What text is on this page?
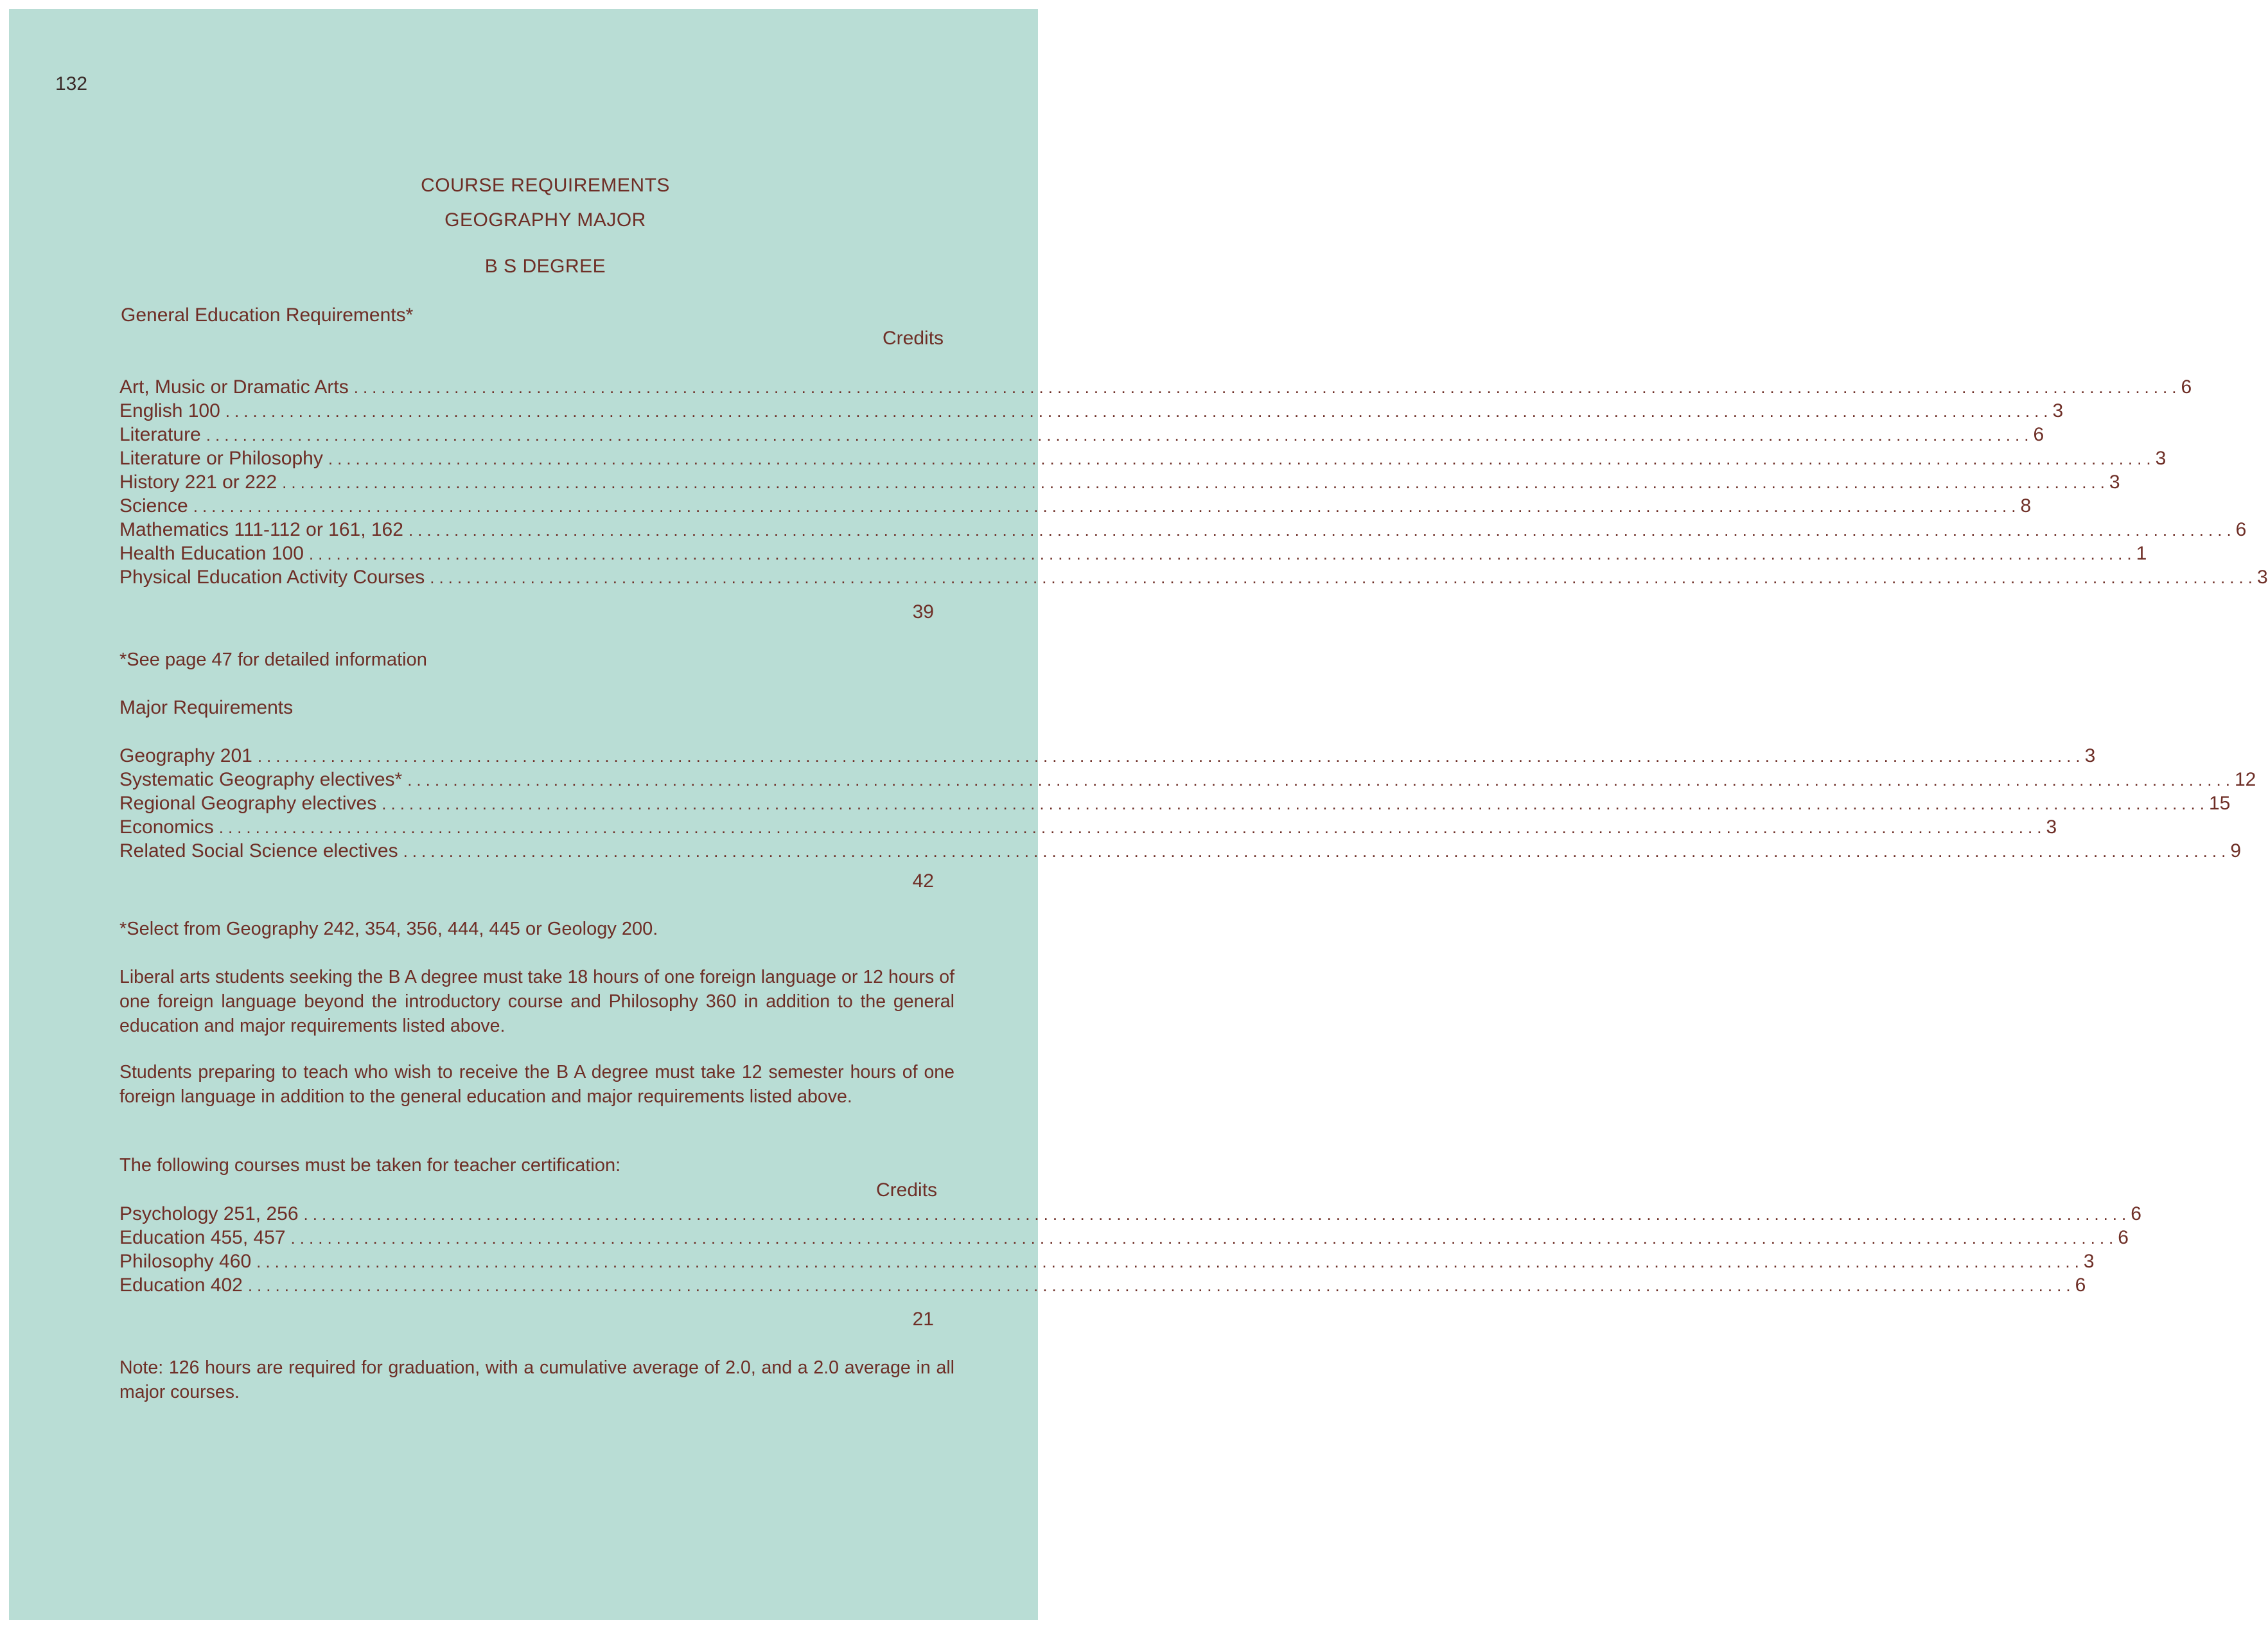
132
COURSE REQUIREMENTS
GEOGRAPHY MAJOR
B S DEGREE
General Education Requirements*
Credits
Art, Music or Dramatic Arts ........................................................................................................................................................................................................ 6
English 100 ........................................................................................................................................................................................................ 3
Literature ........................................................................................................................................................................................................ 6
Literature or Philosophy ........................................................................................................................................................................................................ 3
History 221 or 222 ........................................................................................................................................................................................................ 3
Science ........................................................................................................................................................................................................ 8
Mathematics 111-112 or 161, 162 ........................................................................................................................................................................................................ 6
Health Education 100 ........................................................................................................................................................................................................ 1
Physical Education Activity Courses ........................................................................................................................................................................................................ 3
39
*See page 47 for detailed information
Major Requirements
Geography 201 ........................................................................................................................................................................................................ 3
Systematic Geography electives* ........................................................................................................................................................................................................ 12
Regional Geography electives ........................................................................................................................................................................................................ 15
Economics ........................................................................................................................................................................................................ 3
Related Social Science electives ........................................................................................................................................................................................................ 9
42
*Select from Geography 242, 354, 356, 444, 445 or Geology 200.
Liberal arts students seeking the B A degree must take 18 hours of one foreign language or 12 hours of one foreign language beyond the introductory course and Philosophy 360 in addition to the general education and major requirements listed above.
Students preparing to teach who wish to receive the B A degree must take 12 semester hours of one foreign language in addition to the general education and major requirements listed above.
The following courses must be taken for teacher certification:
Credits
Psychology 251, 256 ........................................................................................................................................................................................................ 6
Education 455, 457 ........................................................................................................................................................................................................ 6
Philosophy 460 ........................................................................................................................................................................................................ 3
Education 402 ........................................................................................................................................................................................................ 6
21
Note: 126 hours are required for graduation, with a cumulative average of 2.0, and a 2.0 average in all major courses.
